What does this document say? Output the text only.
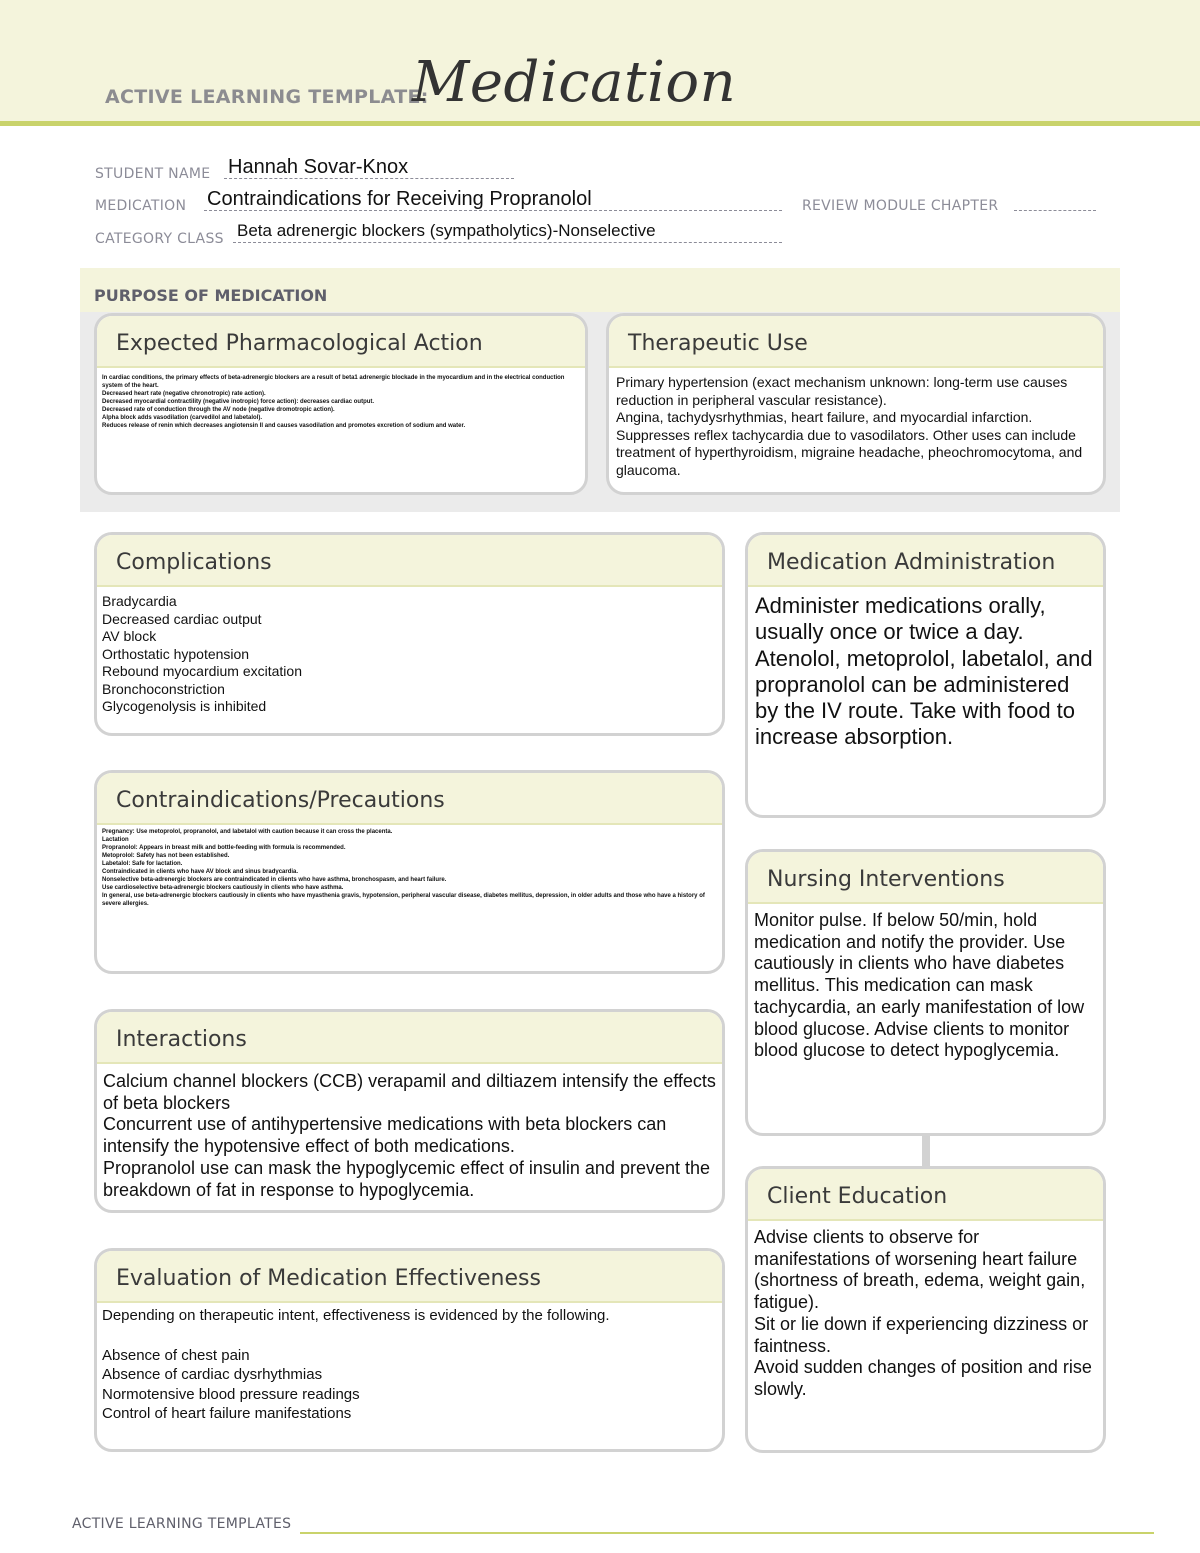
ACTIVE LEARNING TEMPLATE:
Medication
STUDENT NAME Hannah Sovar-Knox
MEDICATION Contraindications for Receiving Propranolol	REVIEW MODULE CHAPTER
CATEGORY CLASS Beta adrenergic blockers (sympatholytics)-Nonselective
PURPOSE OF MEDICATION
Expected Pharmacological Action
In cardiac conditions, the primary effects of beta-adrenergic blockers are a result of beta1 adrenergic blockade in the myocardium and in the electrical conduction system of the heart.
Decreased heart rate (negative chronotropic) rate action).
Decreased myocardial contractility (negative inotropic) force action): decreases cardiac output.
Decreased rate of conduction through the AV node (negative dromotropic action).
Alpha block adds vasodilation (carvedilol and labetalol).
Reduces release of renin which decreases angiotensin II and causes vasodilation and promotes excretion of sodium and water.
Therapeutic Use
Primary hypertension (exact mechanism unknown: long-term use causes reduction in peripheral vascular resistance).
Angina, tachydysrhythmias, heart failure, and myocardial infarction.
Suppresses reflex tachycardia due to vasodilators. Other uses can include treatment of hyperthyroidism, migraine headache, pheochromocytoma, and glaucoma.
Complications
Bradycardia
Decreased cardiac output
AV block
Orthostatic hypotension
Rebound myocardium excitation
Bronchoconstriction
Glycogenolysis is inhibited
Medication Administration
Administer medications orally, usually once or twice a day. Atenolol, metoprolol, labetalol, and propranolol can be administered by the IV route. Take with food to increase absorption.
Contraindications/Precautions
Pregnancy: Use metoprolol, propranolol, and labetalol with caution because it can cross the placenta.
Lactation
Propranolol: Appears in breast milk and bottle-feeding with formula is recommended.
Metoprolol: Safety has not been established.
Labetalol: Safe for lactation.
Contraindicated in clients who have AV block and sinus bradycardia.
Nonselective beta-adrenergic blockers are contraindicated in clients who have asthma, bronchospasm, and heart failure.
Use cardioselective beta-adrenergic blockers cautiously in clients who have asthma.
In general, use beta-adrenergic blockers cautiously in clients who have myasthenia gravis, hypotension, peripheral vascular disease, diabetes mellitus, depression, in older adults and those who have a history of severe allergies.
Nursing Interventions
Monitor pulse. If below 50/min, hold medication and notify the provider. Use cautiously in clients who have diabetes mellitus. This medication can mask tachycardia, an early manifestation of low blood glucose. Advise clients to monitor blood glucose to detect hypoglycemia.
Interactions
Calcium channel blockers (CCB) verapamil and diltiazem intensify the effects of beta blockers
Concurrent use of antihypertensive medications with beta blockers can intensify the hypotensive effect of both medications.
Propranolol use can mask the hypoglycemic effect of insulin and prevent the breakdown of fat in response to hypoglycemia.	Client Education
Advise clients to observe for manifestations of worsening heart failure (shortness of breath, edema, weight gain, fatigue).
Sit or lie down if experiencing dizziness or faintness.
Avoid sudden changes of position and rise slowly.
Evaluation of Medication Effectiveness
Depending on therapeutic intent, effectiveness is evidenced by the following.
Absence of chest pain
Absence of cardiac dysrhythmias
Normotensive blood pressure readings
Control of heart failure manifestations
ACTIVE LEARNING TEMPLATES
